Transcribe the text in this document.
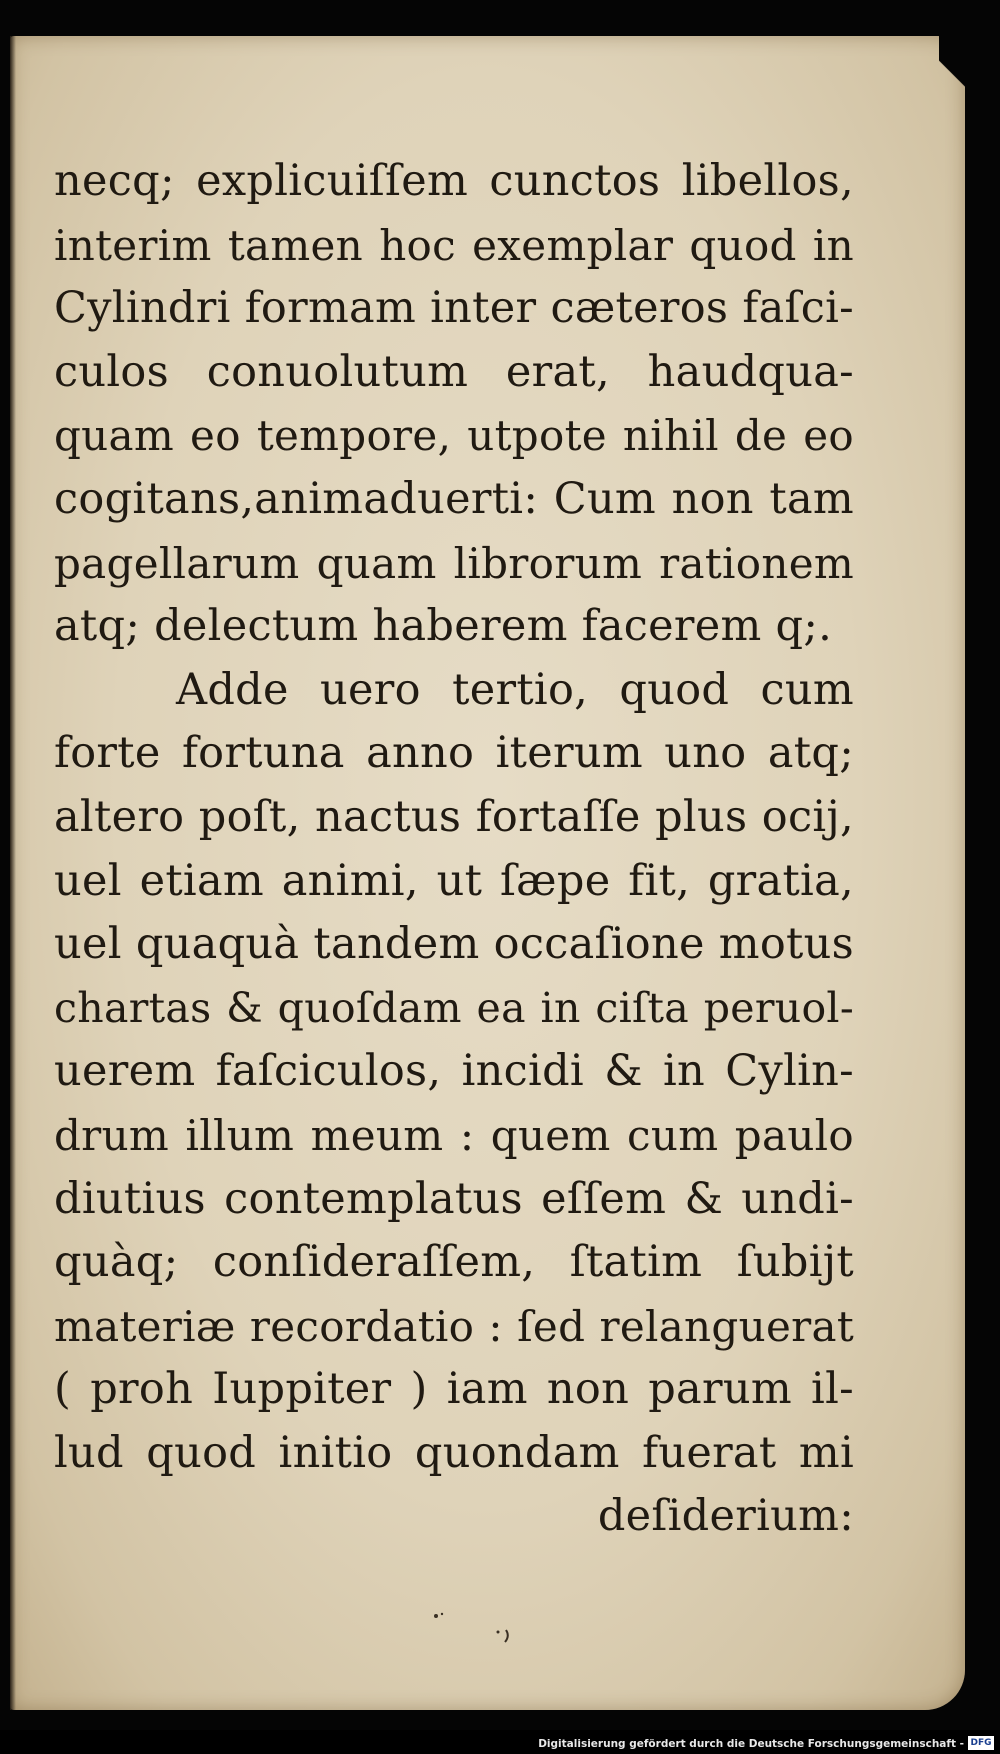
necq; explicuiſſem cunctos libellos,
interim tamen hoc exemplar quod in
Cylindri formam inter cæteros faſci-
culos conuolutum erat, haudqua-
quam eo tempore, utpote nihil de eo
cogitans,animaduerti: Cum non tam
pagellarum quam librorum rationem
atq; delectum haberem facerem q;.
Adde uero tertio, quod cum
forte fortuna anno iterum uno atq;
altero poſt, nactus fortaſſe plus ocij,
uel etiam animi, ut ſæpe fit, gratia,
uel quaquà tandem occaſione motus
chartas & quoſdam ea in ciſta peruol-
uerem faſciculos, incidi & in Cylin-
drum illum meum : quem cum paulo
diutius contemplatus eſſem & undi-
quàq; conſideraſſem, ſtatim ſubijt
materiæ recordatio : ſed relanguerat
( proh Iuppiter ) iam non parum il-
lud quod initio quondam fuerat mi
deſiderium:
Digitalisierung gefördert durch die Deutsche Forschungsgemeinschaft - DFG
